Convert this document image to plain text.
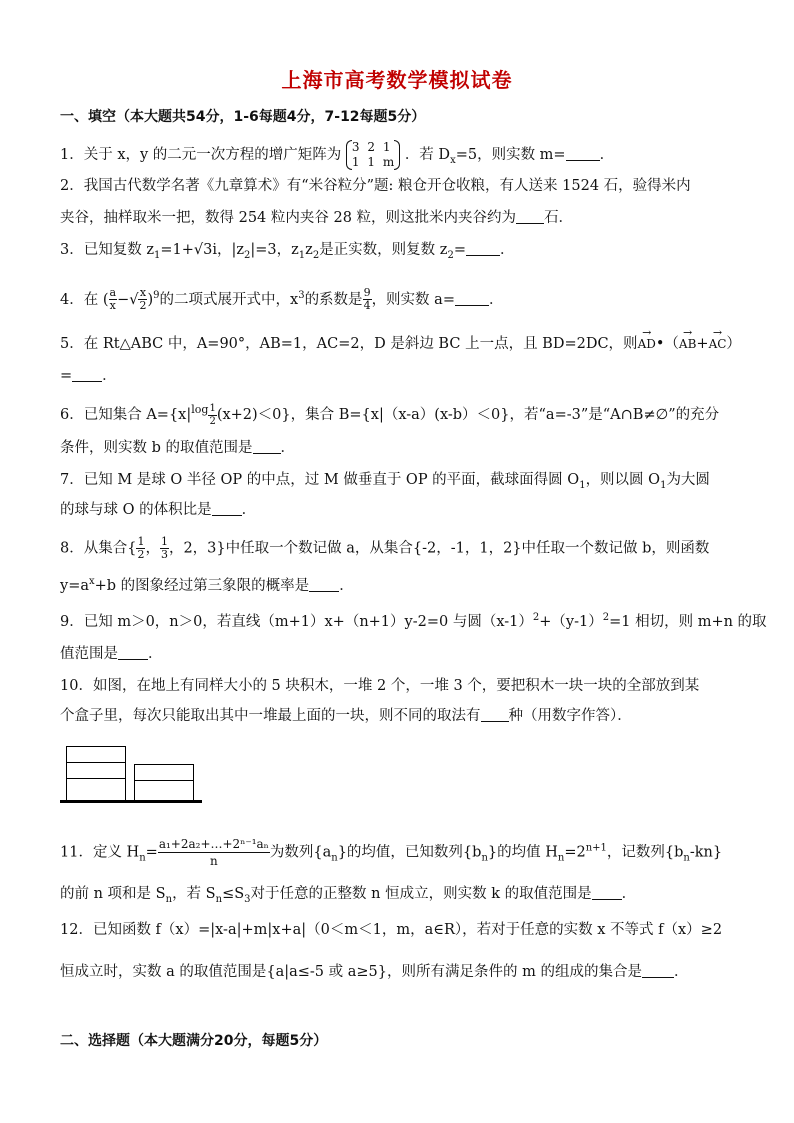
上海市高考数学模拟试卷
一、填空（本大题共54分，1-6每题4分，7-12每题5分）
1．关于 x，y 的二元一次方程的增广矩阵为 3 2 1
1 1 m ．若 $D_x=5$，则实数 m= ．
2．我国古代数学名著《九章算术》有“米谷粒分”题: 粮仓开仓收粮，有人送来 1524 石，验得米内
夹谷，抽样取米一把，数得 254 粒内夹谷 28 粒，则这批米内夹谷约为 石．
3．已知复数 $z_1=1+√3i$，$|z_2|=3$，$z_1z_2$是正实数，则复数 $z_2=$ ．
4．在 ( $\frac{a}{x}$ −√ $\frac{x}{2} )^9$的二项式展开式中，$x^3$的系数是 $\frac{9}{4}$ ，则实数 a= ．
5．在 Rt△ABC 中，A=90°，AB=1，AC=2，D 是斜边 BC 上一点，且 BD=2DC，则→ AD•（→ AB+→ AC）
= ．
6．已知集合 $A=\{x|^{log} \frac{1}{2} (x+2)<0\}$，集合 B={x|（x-a）(x-b）＜0}，若“a=-3”是“A∩B≠∅”的充分
条件，则实数 b 的取值范围是 ．
7．已知 M 是球 O 半径 OP 的中点，过 M 做垂直于 OP 的平面，截球面得圆 $O_1$，则以圆 $O_1$为大圆
的球与球 O 的体积比是 ．
8．从集合{ $\frac{1}{2}$ ， $\frac{1}{3}$ ，2，3}中任取一个数记做 a，从集合{-2，-1，1，2}中任取一个数记做 b，则函数
$y=a^x+b$ 的图象经过第三象限的概率是 ．
9．已知 m＞0，n＞0，若直线（m+1）x+（n+1）y-2=0 与圆$(x-1)^2+(y-1)^2=1$ 相切，则 m+n 的取
值范围是 ．
10．如图，在地上有同样大小的 5 块积木，一堆 2 个，一堆 3 个，要把积木一块一块的全部放到某
个盒子里，每次只能取出其中一堆最上面的一块，则不同的取法有 种（用数字作答）．
11．定义 $H_n= \frac{\text{a₁+2a₂+…+2ⁿ⁻¹aₙ}}{n}$ 为数列$\{a_n\}$的均值，已知数列$\{b_n\}$的均值 $H_n=2^{n+1}$，记数列$\{b_n-kn\}$
的前 n 项和是 $S_n$，若 $S_n\le S_3$对于任意的正整数 n 恒成立，则实数 k 的取值范围是 ．
12．已知函数 f（x）=|x-a|+m|x+a|（0＜m＜1，m，a∈R），若对于任意的实数 x 不等式 f（x）≥2
恒成立时，实数 a 的取值范围是{a|a≤-5 或 a≥5}，则所有满足条件的 m 的组成的集合是 ．
二、选择题（本大题满分20分，每题5分）
